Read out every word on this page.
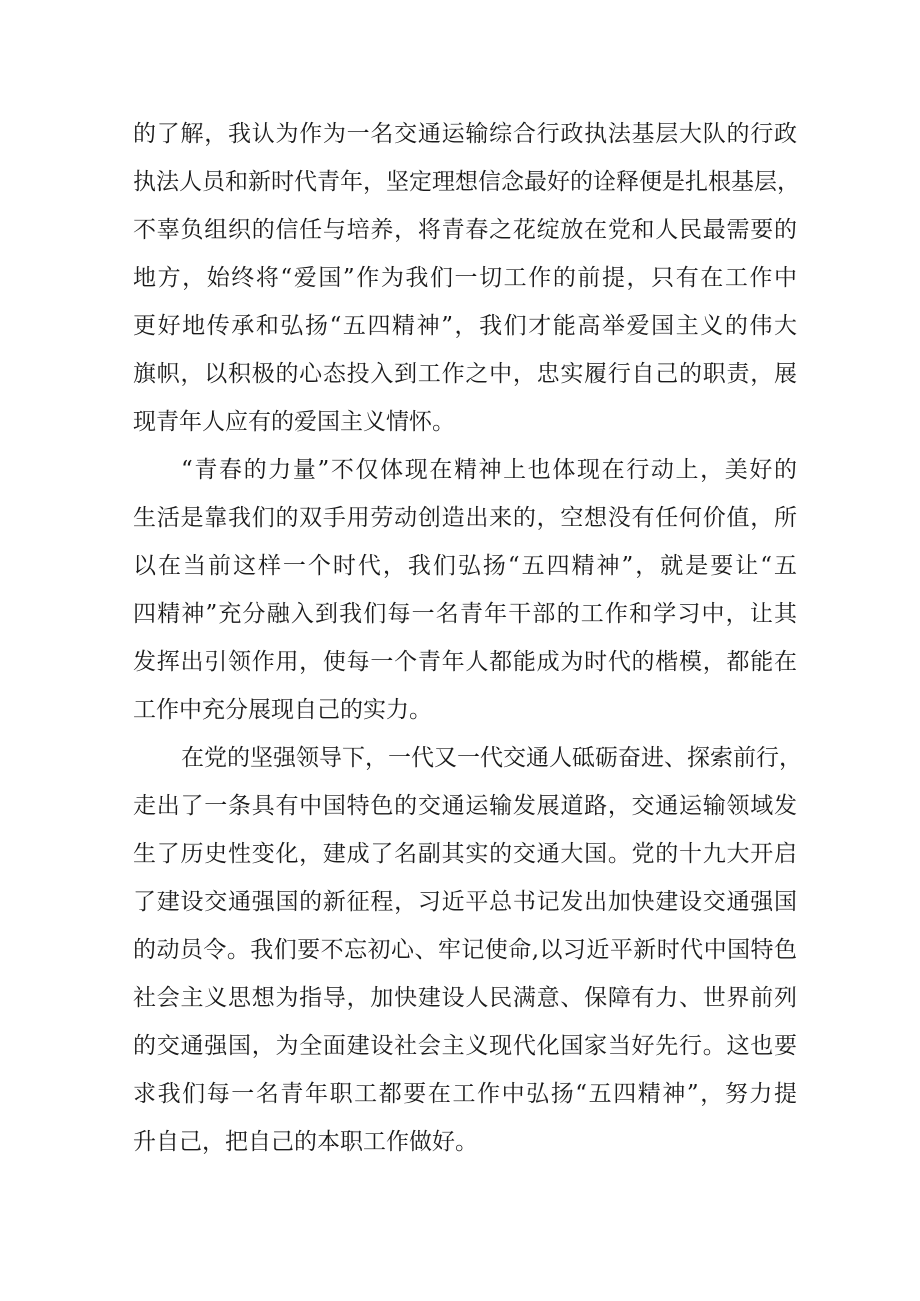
的了解，我认为作为一名交通运输综合行政执法基层大队的行政
执法人员和新时代青年，坚定理想信念最好的诠释便是扎根基层，
不辜负组织的信任与培养，将青春之花绽放在党和人民最需要的
地方，始终将“爱国”作为我们一切工作的前提，只有在工作中
更好地传承和弘扬“五四精神”，我们才能高举爱国主义的伟大
旗帜，以积极的心态投入到工作之中，忠实履行自己的职责，展
现青年人应有的爱国主义情怀。
“青春的力量”不仅体现在精神上也体现在行动上，美好的
生活是靠我们的双手用劳动创造出来的，空想没有任何价值，所
以在当前这样一个时代，我们弘扬“五四精神”，就是要让“五
四精神”充分融入到我们每一名青年干部的工作和学习中，让其
发挥出引领作用，使每一个青年人都能成为时代的楷模，都能在
工作中充分展现自己的实力。
在党的坚强领导下，一代又一代交通人砥砺奋进、探索前行，
走出了一条具有中国特色的交通运输发展道路，交通运输领域发
生了历史性变化，建成了名副其实的交通大国。党的十九大开启
了建设交通强国的新征程，习近平总书记发出加快建设交通强国
的动员令。我们要不忘初心、牢记使命,以习近平新时代中国特色
社会主义思想为指导，加快建设人民满意、保障有力、世界前列
的交通强国，为全面建设社会主义现代化国家当好先行。这也要
求我们每一名青年职工都要在工作中弘扬“五四精神”，努力提
升自己，把自己的本职工作做好。
